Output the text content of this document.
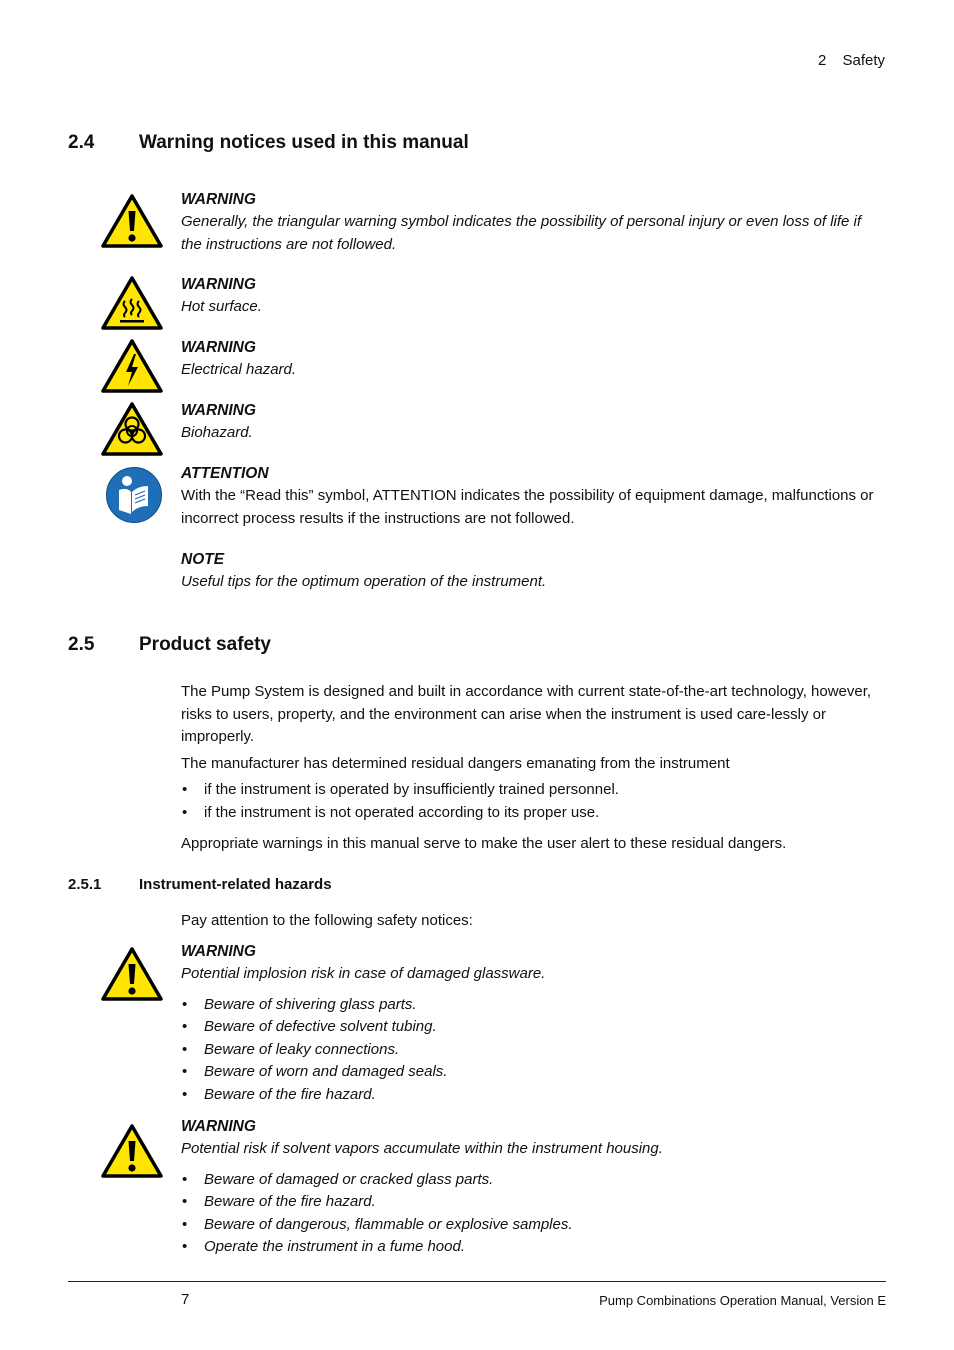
2 Safety
2.4 Warning notices used in this manual
WARNING
Generally, the triangular warning symbol indicates the possibility of personal injury or even loss of life if the instructions are not followed.
WARNING
Hot surface.
WARNING
Electrical hazard.
WARNING
Biohazard.
ATTENTION
With the “Read this” symbol, ATTENTION indicates the possibility of equipment damage, malfunctions or incorrect process results if the instructions are not followed.
NOTE
Useful tips for the optimum operation of the instrument.
2.5 Product safety
The Pump System is designed and built in accordance with current state-of-the-art technology, however, risks to users, property, and the environment can arise when the instrument is used care-lessly or improperly.
The manufacturer has determined residual dangers emanating from the instrument
• if the instrument is operated by insufficiently trained personnel.
• if the instrument is not operated according to its proper use.
Appropriate warnings in this manual serve to make the user alert to these residual dangers.
2.5.1	Instrument-related hazards
Pay attention to the following safety notices:
WARNING
Potential implosion risk in case of damaged glassware.
• Beware of shivering glass parts.
• Beware of defective solvent tubing.
• Beware of leaky connections.
• Beware of worn and damaged seals.
• Beware of the fire hazard.
WARNING
Potential risk if solvent vapors accumulate within the instrument housing.
• Beware of damaged or cracked glass parts.
• Beware of the fire hazard.
• Beware of dangerous, flammable or explosive samples.
• Operate the instrument in a fume hood.
7	Pump Combinations Operation Manual, Version E
